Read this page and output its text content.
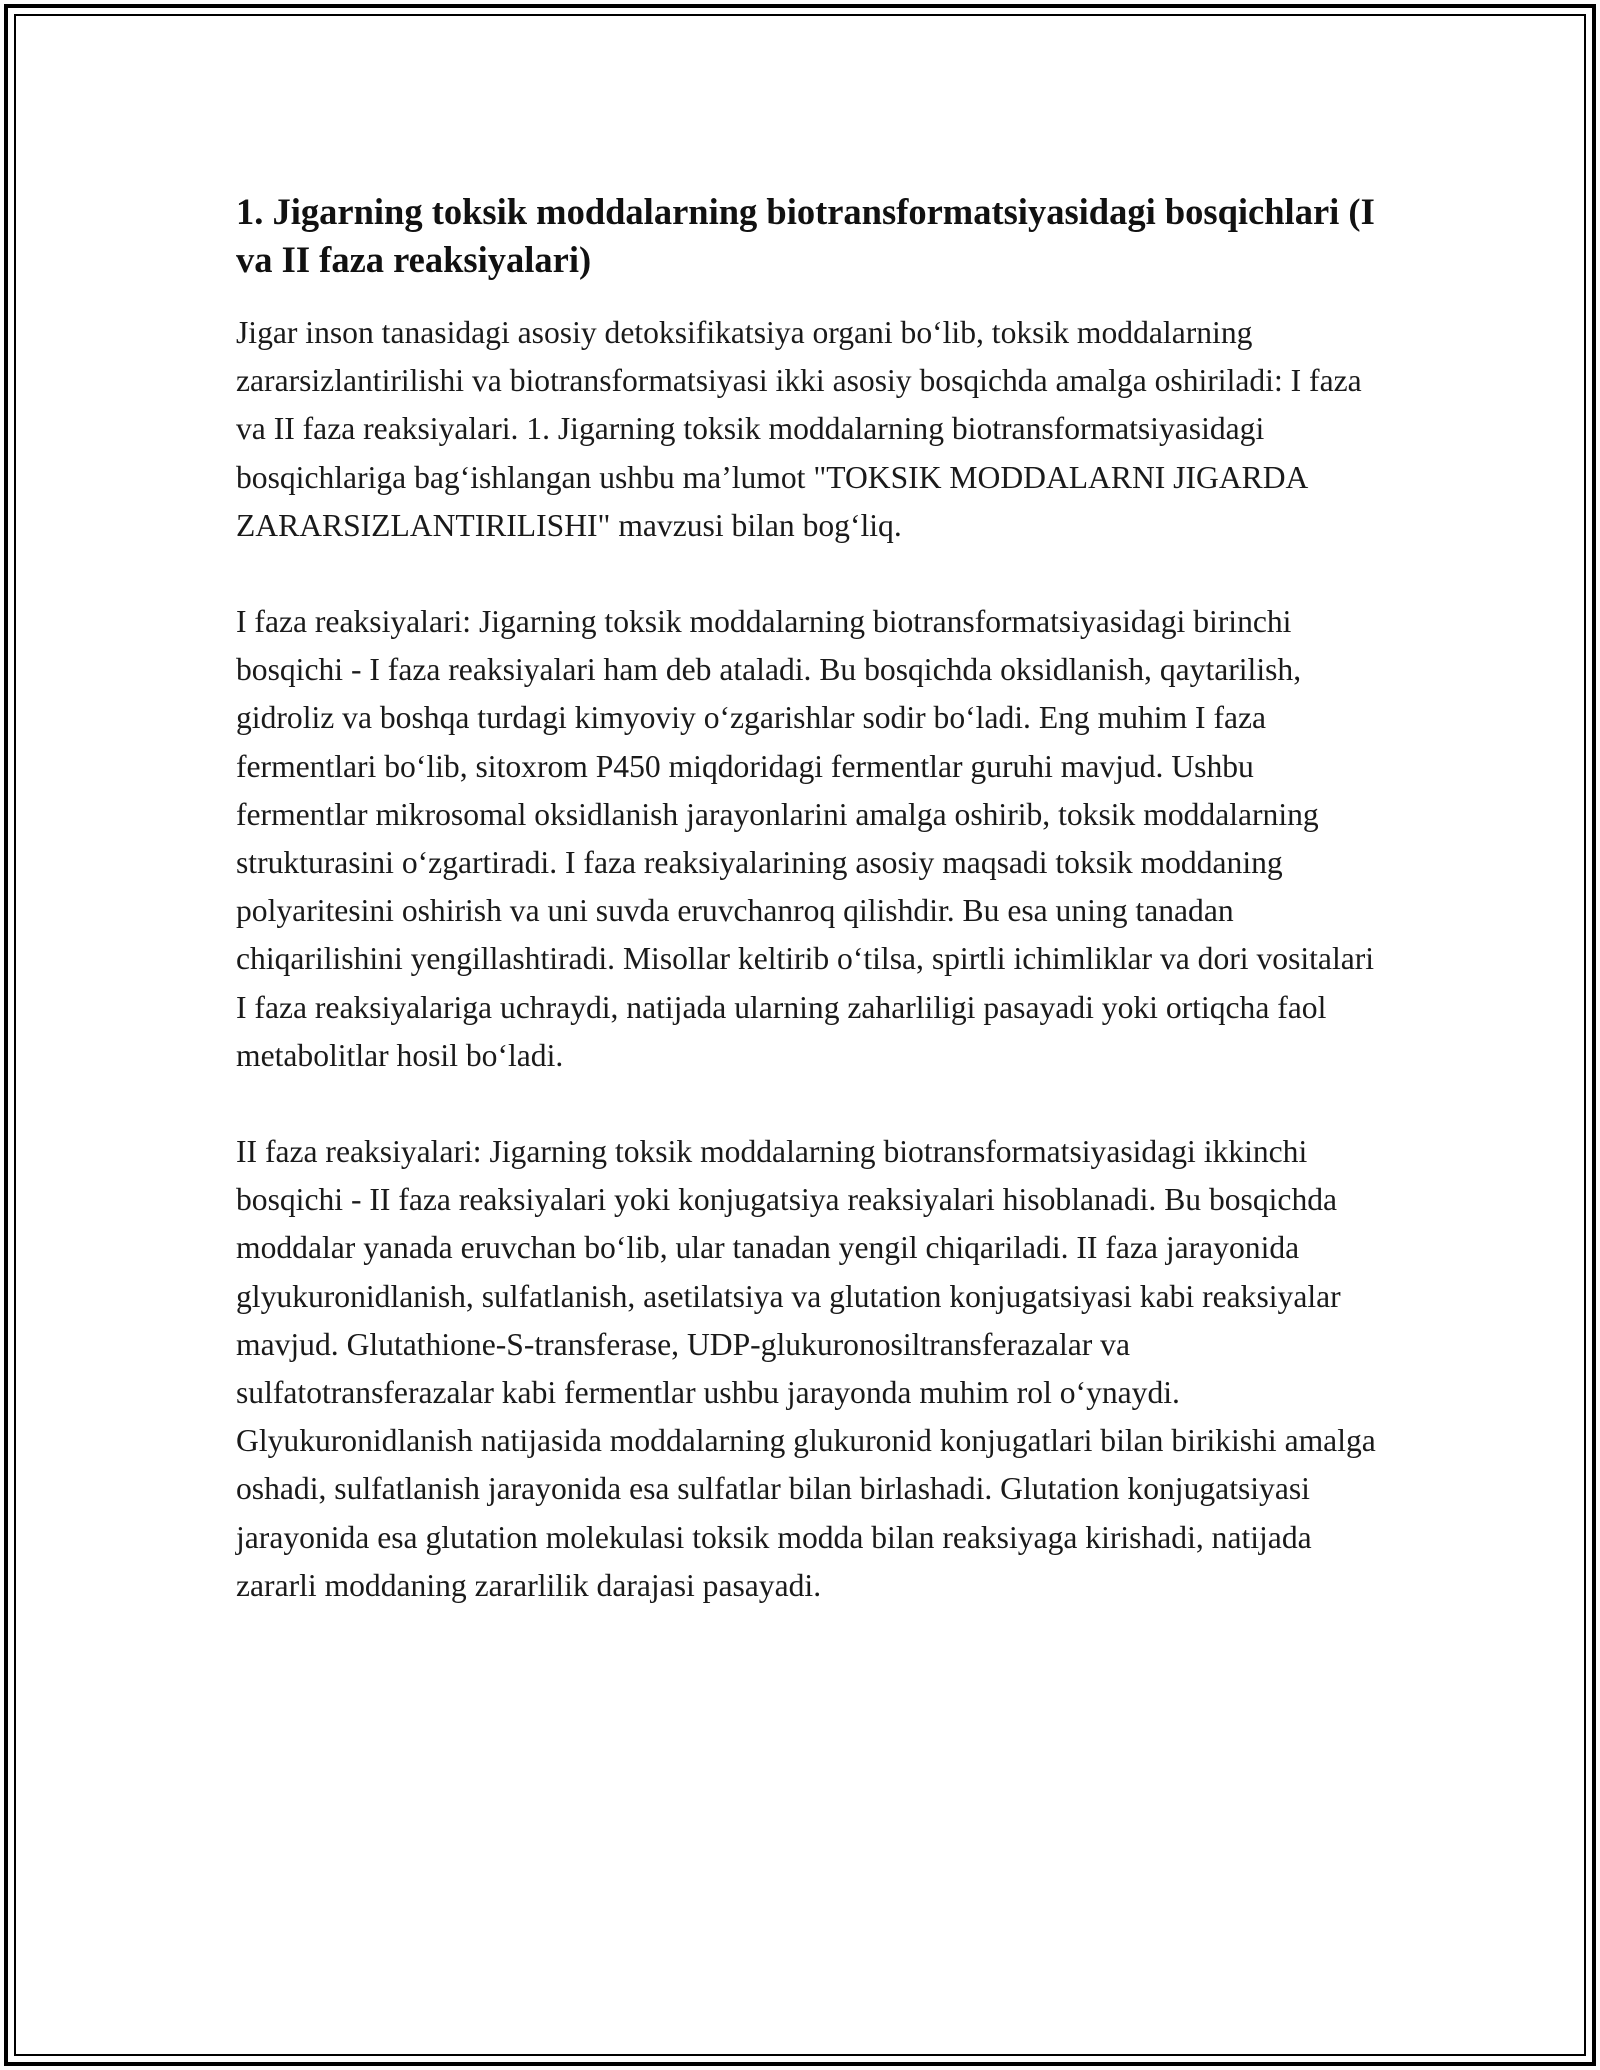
1. Jigarning toksik moddalarning biotransformatsiyasidagi bosqichlari (I va II faza reaksiyalari)

Jigar inson tanasidagi asosiy detoksifikatsiya organi bo‘lib, toksik moddalarning zararsizlantirilishi va biotransformatsiyasi ikki asosiy bosqichda amalga oshiriladi: I faza va II faza reaksiyalari. 1. Jigarning toksik moddalarning biotransformatsiyasidagi bosqichlariga bag‘ishlangan ushbu ma’lumot "TOKSIK MODDALARNI JIGARDA ZARARSIZLANTIRILISHI" mavzusi bilan bog‘liq.

I faza reaksiyalari: Jigarning toksik moddalarning biotransformatsiyasidagi birinchi bosqichi - I faza reaksiyalari ham deb ataladi. Bu bosqichda oksidlanish, qaytarilish, gidroliz va boshqa turdagi kimyoviy o‘zgarishlar sodir bo‘ladi. Eng muhim I faza fermentlari bo‘lib, sitoxrom P450 miqdoridagi fermentlar guruhi mavjud. Ushbu fermentlar mikrosomal oksidlanish jarayonlarini amalga oshirib, toksik moddalarning strukturasini o‘zgartiradi. I faza reaksiyalarining asosiy maqsadi toksik moddaning polyaritesini oshirish va uni suvda eruvchanroq qilishdir. Bu esa uning tanadan chiqarilishini yengillashtiradi. Misollar keltirib o‘tilsa, spirtli ichimliklar va dori vositalari I faza reaksiyalariga uchraydi, natijada ularning zaharliligi pasayadi yoki ortiqcha faol metabolitlar hosil bo‘ladi.

II faza reaksiyalari: Jigarning toksik moddalarning biotransformatsiyasidagi ikkinchi bosqichi - II faza reaksiyalari yoki konjugatsiya reaksiyalari hisoblanadi. Bu bosqichda moddalar yanada eruvchan bo‘lib, ular tanadan yengil chiqariladi. II faza jarayonida glyukuronidlanish, sulfatlanish, asetilatsiya va glutation konjugatsiyasi kabi reaksiyalar mavjud. Glutathione-S-transferase, UDP-glukuronosiltransferazalar va sulfatotransferazalar kabi fermentlar ushbu jarayonda muhim rol o‘ynaydi. Glyukuronidlanish natijasida moddalarning glukuronid konjugatlari bilan birikishi amalga oshadi, sulfatlanish jarayonida esa sulfatlar bilan birlashadi. Glutation konjugatsiyasi jarayonida esa glutation molekulasi toksik modda bilan reaksiyaga kirishadi, natijada zararli moddaning zararlilik darajasi pasayadi.
